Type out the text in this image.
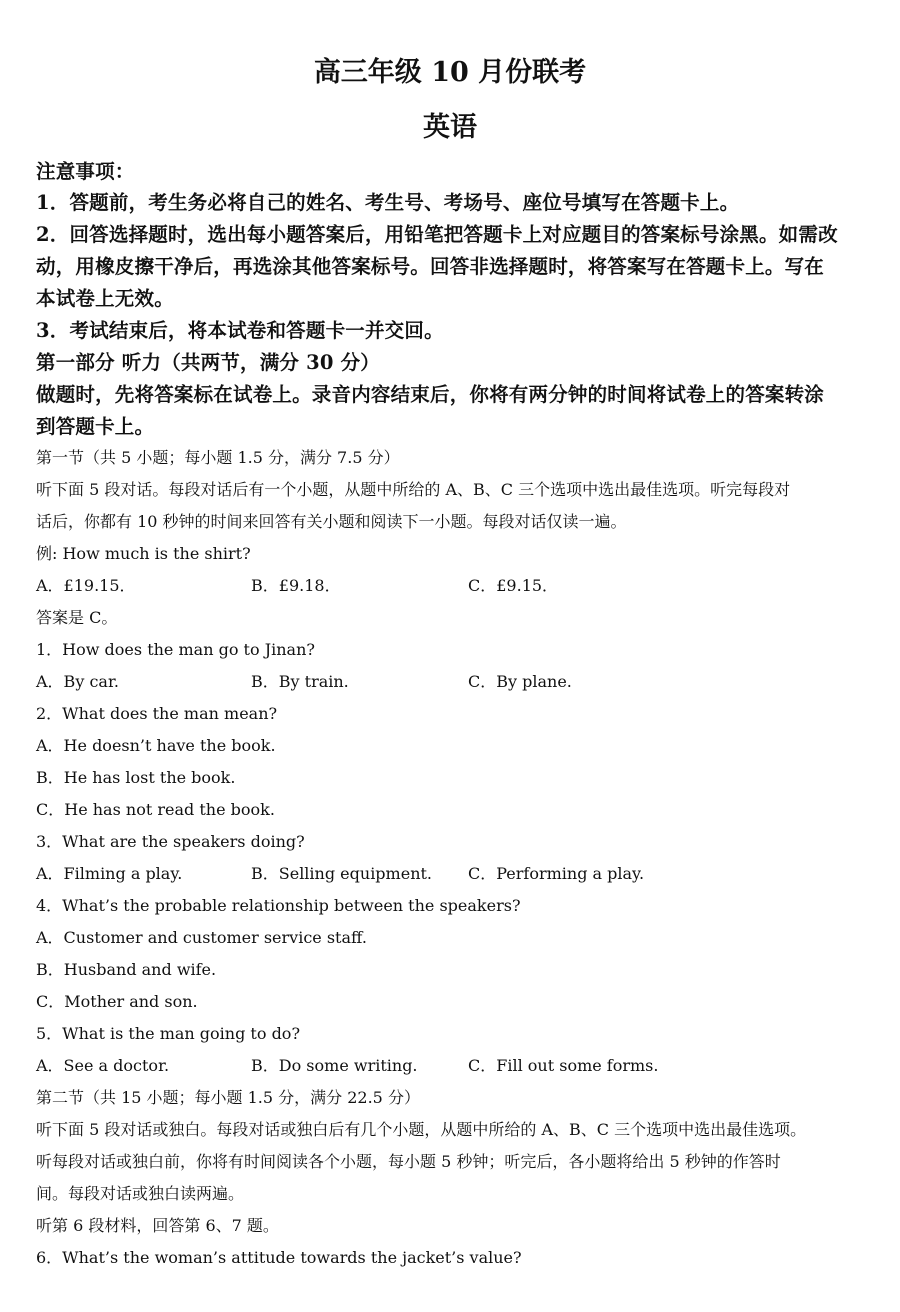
高三年级 10 月份联考
英语
注意事项：
1．答题前，考生务必将自己的姓名、考生号、考场号、座位号填写在答题卡上。
2．回答选择题时，选出每小题答案后，用铅笔把答题卡上对应题目的答案标号涂黑。如需改
动，用橡皮擦干净后，再选涂其他答案标号。回答非选择题时，将答案写在答题卡上。写在
本试卷上无效。
3．考试结束后，将本试卷和答题卡一并交回。
第一部分 听力（共两节，满分 30 分）
做题时，先将答案标在试卷上。录音内容结束后，你将有两分钟的时间将试卷上的答案转涂
到答题卡上。
第一节（共 5 小题；每小题 1.5 分，满分 7.5 分）
听下面 5 段对话。每段对话后有一个小题，从题中所给的 A、B、C 三个选项中选出最佳选项。听完每段对
话后，你都有 10 秒钟的时间来回答有关小题和阅读下一小题。每段对话仅读一遍。
例: How much is the shirt?
A．£19.15．	B．£9.18．	C．£9.15．
答案是 C。
1．How does the man go to Jinan?
A．By car.	B．By train.	C．By plane.
2．What does the man mean?
A．He doesn’t have the book.
B．He has lost the book.
C．He has not read the book.
3．What are the speakers doing?
A．Filming a play.	B．Selling equipment. C．Performing a play.
4．What’s the probable relationship between the speakers?
A．Customer and customer service staff.
B．Husband and wife.
C．Mother and son.
5．What is the man going to do?
A．See a doctor.	B．Do some writing.	C．Fill out some forms.
第二节（共 15 小题；每小题 1.5 分，满分 22.5 分）
听下面 5 段对话或独白。每段对话或独白后有几个小题，从题中所给的 A、B、C 三个选项中选出最佳选项。
听每段对话或独白前，你将有时间阅读各个小题，每小题 5 秒钟；听完后，各小题将给出 5 秒钟的作答时
间。每段对话或独白读两遍。
听第 6 段材料，回答第 6、7 题。
6．What’s the woman’s attitude towards the jacket’s value?
